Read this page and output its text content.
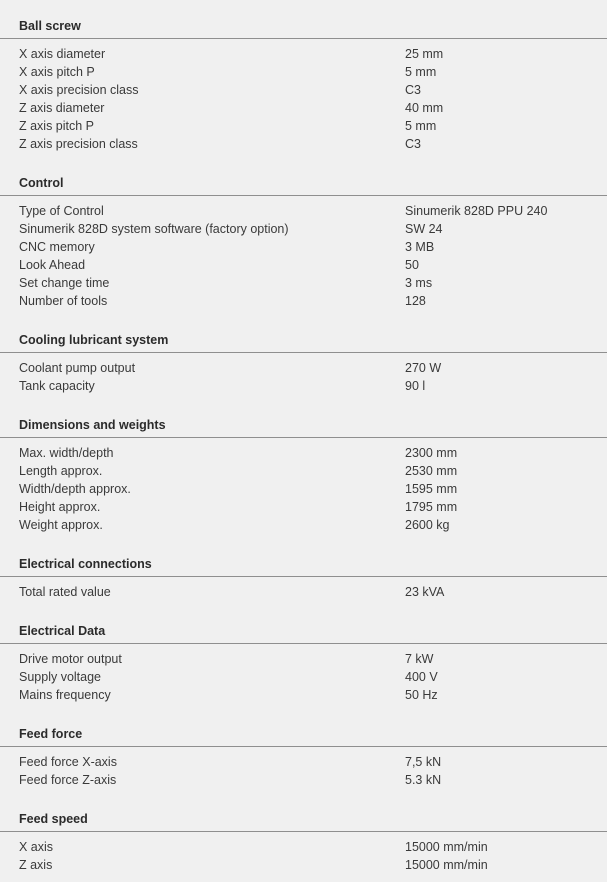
Ball screw
X axis diameter	25 mm
X axis pitch P	5 mm
X axis precision class	C3
Z axis diameter	40 mm
Z axis pitch P	5 mm
Z axis precision class	C3
Control
Type of Control	Sinumerik 828D PPU 240
Sinumerik 828D system software (factory option)	SW 24
CNC memory	3 MB
Look Ahead	50
Set change time	3 ms
Number of tools	128
Cooling lubricant system
Coolant pump output	270 W
Tank capacity	90 l
Dimensions and weights
Max. width/depth	2300 mm
Length approx.	2530 mm
Width/depth approx.	1595 mm
Height approx.	1795 mm
Weight approx.	2600 kg
Electrical connections
Total rated value	23 kVA
Electrical Data
Drive motor output	7 kW
Supply voltage	400 V
Mains frequency	50 Hz
Feed force
Feed force X-axis	7,5 kN
Feed force Z-axis	5.3 kN
Feed speed
X axis	15000 mm/min
Z axis	15000 mm/min
